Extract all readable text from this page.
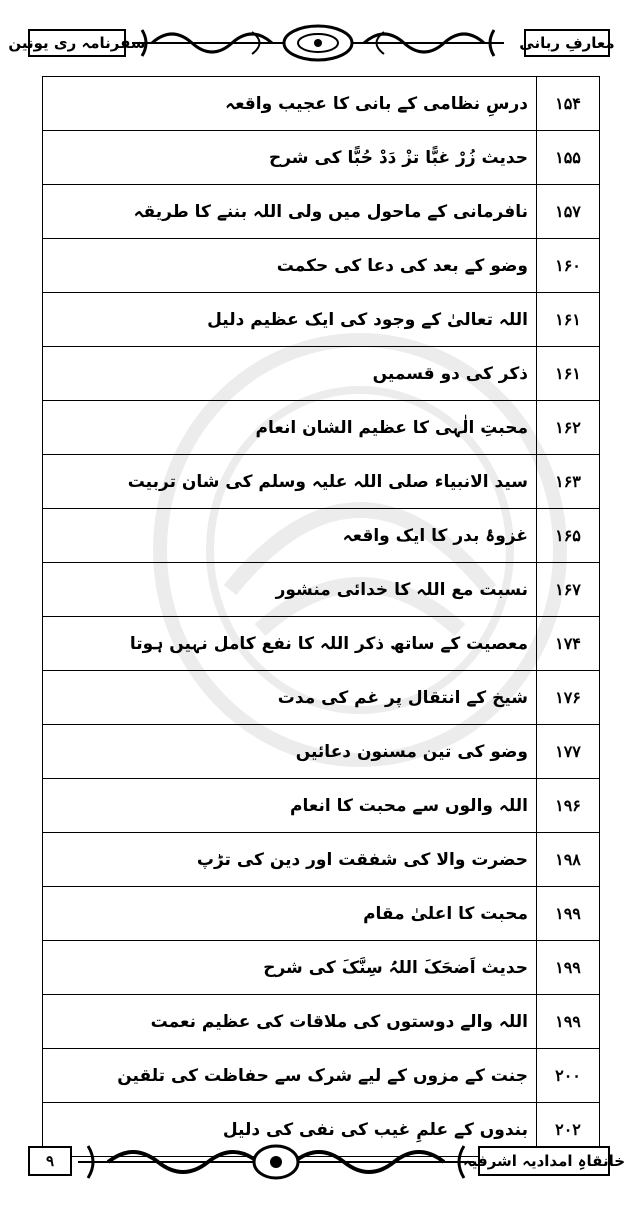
سفرنامہ ری یونین	معارفِ ربانی
۱۵۴	درسِ نظامی کے بانی کا عجیب واقعہ
۱۵۵	حدیث زُرْ غبًّا تزْ دَدْ حُبًّا کی شرح
۱۵۷	نافرمانی کے ماحول میں ولی اللہ بننے کا طریقہ
۱۶۰	وضو کے بعد کی دعا کی حکمت
۱۶۱	اللہ تعالیٰ کے وجود کی ایک عظیم دلیل
۱۶۱	ذکر کی دو قسمیں
۱۶۲	محبتِ الٰہی کا عظیم الشان انعام
۱۶۳	سید الانبیاء صلی اللہ علیہ وسلم کی شان تربیت
۱۶۵	غزوۂ بدر کا ایک واقعہ
۱۶۷	نسبت مع اللہ کا خدائی منشور
۱۷۴	معصیت کے ساتھ ذکر اللہ کا نفع کامل نہیں ہوتا
۱۷۶	شیخ کے انتقال پر غم کی مدت
۱۷۷	وضو کی تین مسنون دعائیں
۱۹۶	اللہ والوں سے محبت کا انعام
۱۹۸	حضرت والا کی شفقت اور دین کی تڑپ
۱۹۹	محبت کا اعلیٰ مقام
۱۹۹	حدیث اَضحَکَ اللہُ سِنَّکَ کی شرح
۱۹۹	اللہ والے دوستوں کی ملاقات کی عظیم نعمت
۲۰۰	جنت کے مزوں کے لیے شرک سے حفاظت کی تلقین
۲۰۲	بندوں کے علمِ غیب کی نفی کی دلیل
۹	خانقاہِ امدادیہ اشرفیہ
